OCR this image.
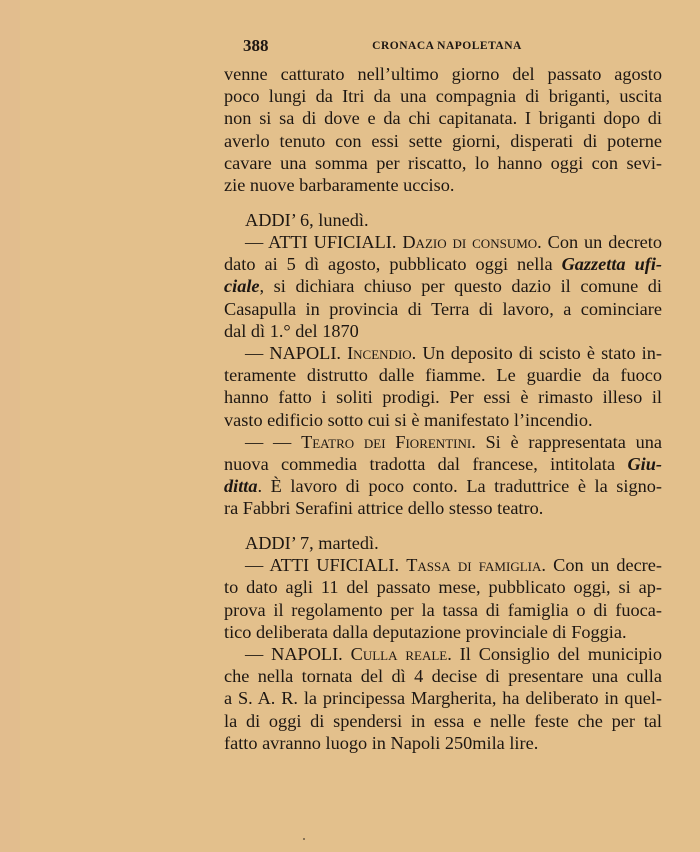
388	CRONACA NAPOLETANA
venne catturato nell’ultimo giorno del passato agosto
poco lungi da Itri da una compagnia di briganti, uscita
non si sa di dove e da chi capitanata. I briganti dopo di
averlo tenuto con essi sette giorni, disperati di poterne
cavare una somma per riscatto, lo hanno oggi con sevi-
zie nuove barbaramente ucciso.
ADDI’ 6, lunedì.
— ATTI UFICIALI. Dazio di consumo. Con un decreto
dato ai 5 dì agosto, pubblicato oggi nella Gazzetta ufi-
ciale, si dichiara chiuso per questo dazio il comune di
Casapulla in provincia di Terra di lavoro, a cominciare
dal dì 1.° del 1870
— NAPOLI. Incendio. Un deposito di scisto è stato in-
teramente distrutto dalle fiamme. Le guardie da fuoco
hanno fatto i soliti prodigi. Per essi è rimasto illeso il
vasto edificio sotto cui si è manifestato l’incendio.
— — Teatro dei Fiorentini. Si è rappresentata una
nuova commedia tradotta dal francese, intitolata Giu-
ditta. È lavoro di poco conto. La traduttrice è la signo-
ra Fabbri Serafini attrice dello stesso teatro.
ADDI’ 7, martedì.
— ATTI UFICIALI. Tassa di famiglia. Con un decre-
to dato agli 11 del passato mese, pubblicato oggi, si ap-
prova il regolamento per la tassa di famiglia o di fuoca-
tico deliberata dalla deputazione provinciale di Foggia.
— NAPOLI. Culla reale. Il Consiglio del municipio
che nella tornata del dì 4 decise di presentare una culla
a S. A. R. la principessa Margherita, ha deliberato in quel-
la di oggi di spendersi in essa e nelle feste che per tal
fatto avranno luogo in Napoli 250mila lire.
